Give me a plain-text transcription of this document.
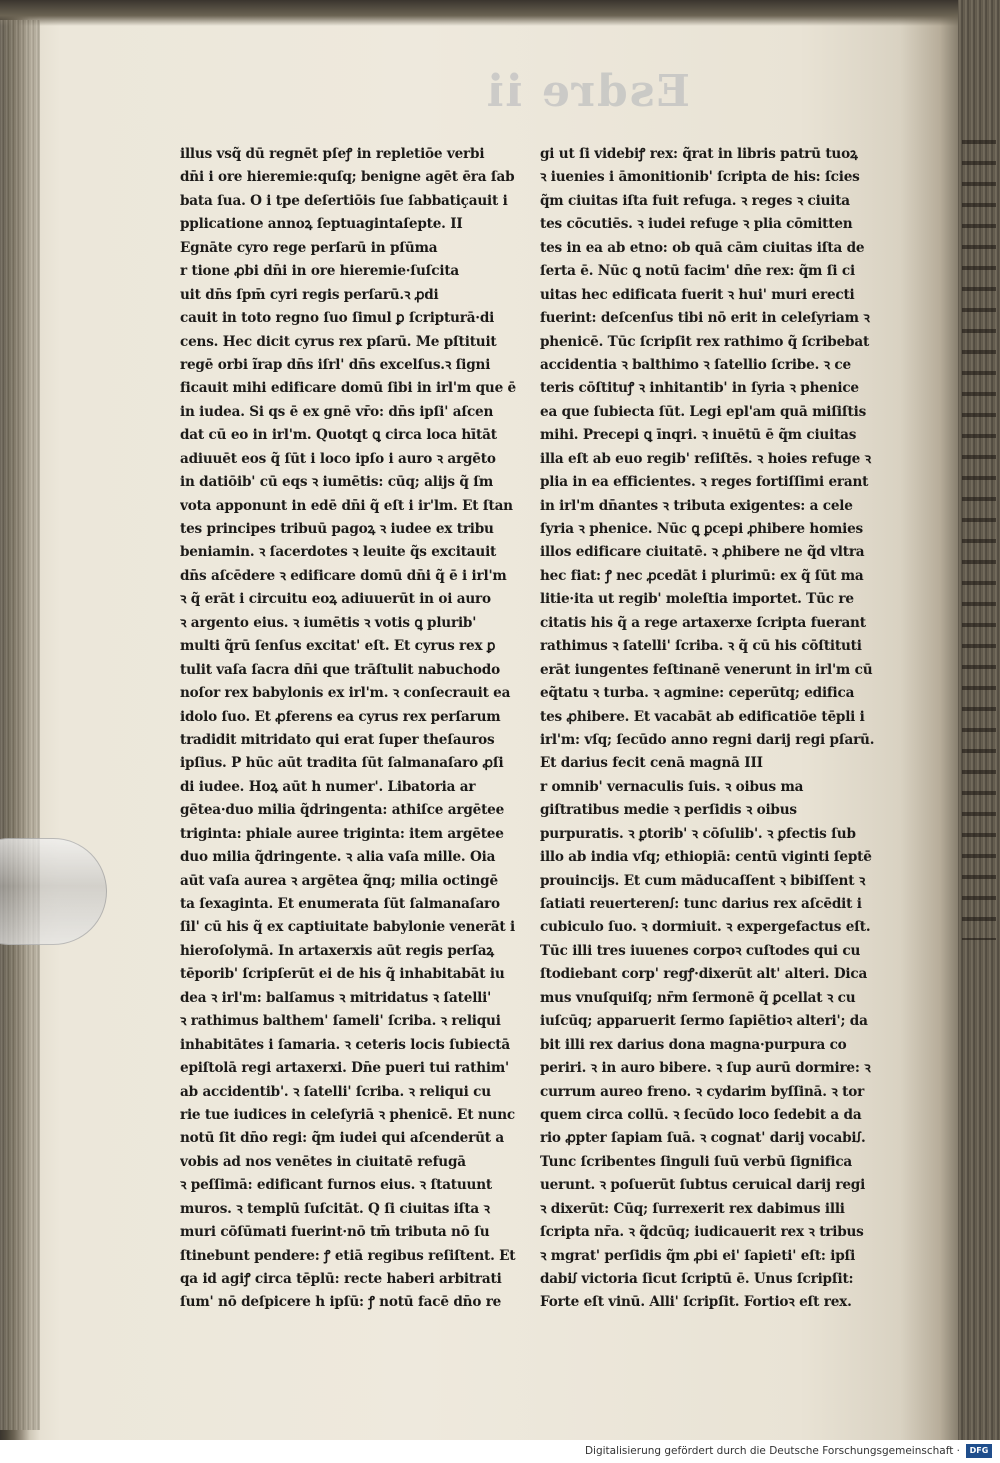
Esdre ii
illus vsq̃ dū regnēt pſeꝭ in repletiōe verbi
dn̄i i ore hieremie:quſq; benigne agēt ēra ſab
bata ſua. O i tpe deſertiōis ſue ſabbatiçauit i
pplicatione annoꝝ ſeptuagintaſepte. II
Egnāte cyro rege perſarū in pſūma
r tione ꝓbi dn̄i in ore hieremie·ſuſcita
uit dn̄s ſpm̄ cyri regis perſarū.ꝛ ꝓdi
cauit in toto regno ſuo ſimul ꝑ ſcripturā·di
cens. Hec dicit cyrus rex pſarū. Me pſtituit
regē orbi ĩrap dn̄s iſrl' dn̄s excelſus.ꝛ ſigni
ficauit mihi edificare domū ſibi in irl'm que ē
in iudea. Si qs ē ex gnē vr̄o: dn̄s ipſi' aſcen
dat cū eo in irl'm. Quotqt ꝗ circa loca hītāt
adiuuēt eos q̃ ſūt i loco ipſo i auro ꝛ argēto
in datiōib' cū eqs ꝛ iumētis: cūq; alijs q̃ ſm
vota apponunt in edē dn̄i q̃ eſt i ir'lm. Et ſtan
tes principes tribuū pagoꝝ ꝛ iudee ex tribu
beniamin. ꝛ ſacerdotes ꝛ leuite q̃s excitauit
dn̄s aſcēdere ꝛ edificare domū dn̄i q̃ ē i irl'm
ꝛ q̃ erāt i circuitu eoꝝ adiuuerūt in oi auro
ꝛ argento eius. ꝛ iumētis ꝛ votis ꝗ plurib'
multi q̃rū ſenſus excitat' eſt. Et cyrus rex ꝑ
tulit vaſa ſacra dn̄i que trāſtulit nabuchodo
noſor rex babylonis ex irl'm. ꝛ conſecrauit ea
idolo ſuo. Et ꝓferens ea cyrus rex perſarum
tradidit mitridato qui erat ſuper theſauros
ipſius. P hūc aūt tradita ſūt ſalmanaſaro ꝓſi
di iudee. Hoꝝ aūt h numer'. Libatoria ar
gētea·duo milia q̃dringenta: athiſce argētee
triginta: phiale auree triginta: item argētee
duo milia q̃dringente. ꝛ alia vaſa mille. Oia
aūt vaſa aurea ꝛ argētea q̃nq; milia octingē
ta ſexaginta. Et enumerata ſūt ſalmanaſaro
ſil' cū his q̃ ex captiuitate babylonie venerāt i
hieroſolymā. In artaxerxis aūt regis perſaꝝ
tēporib' ſcripſerūt ei de his q̃ inhabitabāt iu
dea ꝛ irl'm: balſamus ꝛ mitridatus ꝛ ſatelli'
ꝛ rathimus balthem' ſameli' ſcriba. ꝛ reliqui
inhabitātes i ſamaria. ꝛ ceteris locis ſubiectā
epiſtolā regi artaxerxi. Dn̄e pueri tui rathim'
ab accidentib'. ꝛ ſatelli' ſcriba. ꝛ reliqui cu
rie tue iudices in celeſyriā ꝛ phenicē. Et nunc
notū ſit dn̄o regi: q̃m iudei qui aſcenderūt a
vobis ad nos venētes in ciuitatē refugā
ꝛ peſſimā: edificant furnos eius. ꝛ ſtatuunt
muros. ꝛ templū ſuſcitāt. Q ſi ciuitas iſta ꝛ
muri cōſūmati fuerint·nō tm̄ tributa nō ſu
ſtinebunt pendere: ꝭ etiā regibus reſiſtent. Et
qa id agiꝭ circa tēplū: recte haberi arbitrati
ſum' nō deſpicere h ipſū: ꝭ notū facē dn̄o re
gi ut ſi videbiꝭ rex: q̃rat in libris patrū tuoꝝ
ꝛ iuenies i āmonitionib' ſcripta de his: ſcies
q̃m ciuitas iſta fuit refuga. ꝛ reges ꝛ ciuita
tes cōcutiēs. ꝛ iudei refuge ꝛ plia cōmitten
tes in ea ab etno: ob quā cām ciuitas iſta de
ſerta ē. Nūc ꝗ notū facim' dn̄e rex: q̃m ſi ci
uitas hec edificata fuerit ꝛ hui' muri erecti
fuerint: deſcenſus tibi nō erit in celeſyriam ꝛ
phenicē. Tūc ſcripſit rex rathimo q̃ ſcribebat
accidentia ꝛ balthimo ꝛ ſatellio ſcribe. ꝛ ce
teris cōſtituꝭ ꝛ inhitantib' in ſyria ꝛ phenice
ea que ſubiecta ſūt. Legi epl'am quā miſiſtis
mihi. Precepi ꝗ īnqri. ꝛ inuētū ē q̃m ciuitas
illa eſt ab euo regib' reſiſtēs. ꝛ hoies refuge ꝛ
plia in ea efficientes. ꝛ reges fortiſſimi erant
in irl'm dn̄antes ꝛ tributa exigentes: a cele
ſyria ꝛ phenice. Nūc ꝗ ꝑcepi ꝓhibere homies
illos edificare ciuitatē. ꝛ ꝓhibere ne q̃d vltra
hec fiat: ꝭ nec ꝓcedāt i plurimū: ex q̃ ſūt ma
litie·ita ut regib' moleſtia importet. Tūc re
citatis his q̃ a rege artaxerxe ſcripta fuerant
rathimus ꝛ ſatelli' ſcriba. ꝛ q̃ cū his cōſtituti
erāt iungentes feſtinanē venerunt in irl'm cū
eq̃tatu ꝛ turba. ꝛ agmine: ceperūtq; edifica
tes ꝓhibere. Et vacabāt ab edificatiōe tēpli i
irl'm: vſq; ſecūdo anno regni darij regi pſarū.
Et darius fecit cenā magnā III
r omnib' vernaculis ſuis. ꝛ oibus ma
giſtratibus medie ꝛ perſidis ꝛ oibus
purpuratis. ꝛ ꝑtorib' ꝛ cōſulib'. ꝛ ꝑfectis ſub
illo ab india vſq; ethiopiā: centū viginti ſeptē
prouincijs. Et cum māducaſſent ꝛ bibiſſent ꝛ
ſatiati reuerterenꭍ: tunc darius rex aſcēdit i
cubiculo ſuo. ꝛ dormiuit. ꝛ expergefactus eſt.
Tūc illi tres iuuenes corpoꝛ cuſtodes qui cu
ſtodiebant corp' regꝭ·dixerūt alt' alteri. Dica
mus vnuſquiſq; nr̄m ſermonē q̃ ꝑcellat ꝛ cu
iuſcūq; apparuerit ſermo ſapiētioꝛ alteri'; da
bit illi rex darius dona magna·purpura co
periri. ꝛ in auro bibere. ꝛ ſup aurū dormire: ꝛ
currum aureo freno. ꝛ cydarim byſſinā. ꝛ tor
quem circa collū. ꝛ ſecūdo loco ſedebit a da
rio ꝓpter ſapiam ſuā. ꝛ cognat' darij vocabiꭍ.
Tunc ſcribentes ſinguli ſuū verbū ſignifica
uerunt. ꝛ poſuerūt ſubtus ceruical darij regi
ꝛ dixerūt: Cūq; ſurrexerit rex dabimus illi
ſcripta nr̄a. ꝛ q̃dcūq; iudicauerit rex ꝛ tribus
ꝛ mgrat' perſidis q̃m ꝓbi ei' ſapieti' eſt: ipſi
dabiꭍ victoria ſicut ſcriptū ē. Unus ſcripſit:
Forte eſt vinū. Alli' ſcripſit. Fortioꝛ eſt rex.
Digitalisierung gefördert durch die Deutsche Forschungsgemeinschaft ·	DFG
